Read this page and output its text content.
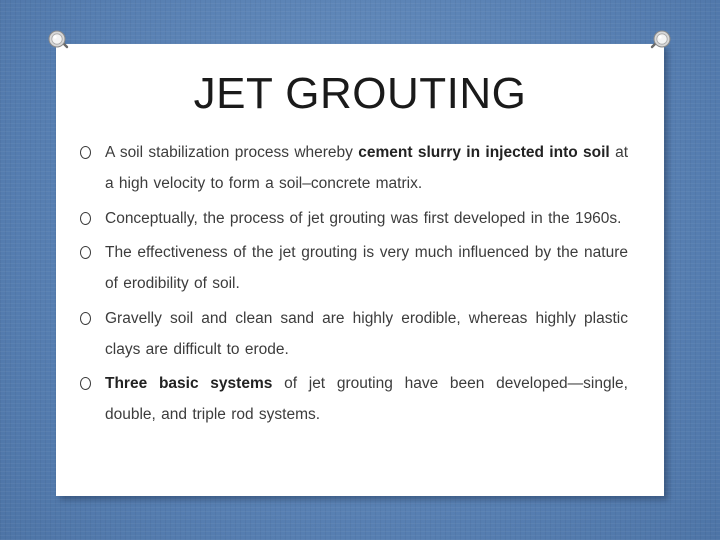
JET GROUTING
A soil stabilization process whereby cement slurry in injected into soil at a high velocity to form a soil–concrete matrix.
Conceptually, the process of jet grouting was first developed in the 1960s.
The effectiveness of the jet grouting is very much influenced by the nature of erodibility of soil.
Gravelly soil and clean sand are highly erodible, whereas highly plastic clays are difficult to erode.
Three basic systems of jet grouting have been developed—single, double, and triple rod systems.
